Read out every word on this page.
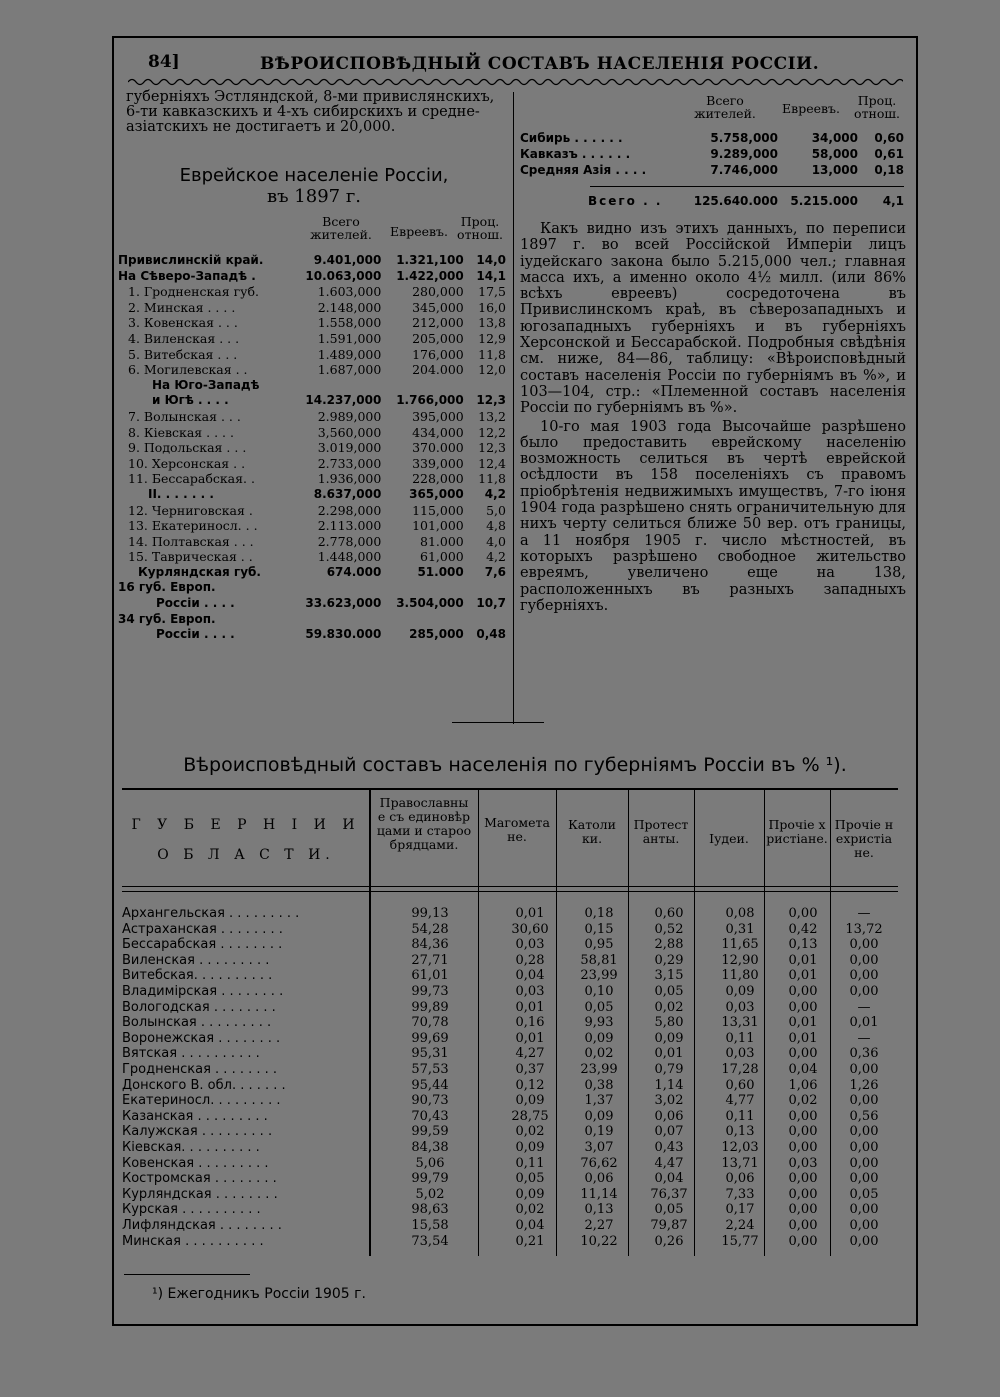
84]	ВѢРОИСПОВѢДНЫЙ СОСТАВЪ НАСЕЛЕНІЯ РОССІИ.

губерніяхъ Эстляндской, 8-ми привислянскихъ, 6-ти кавказскихъ и 4-хъ сибирскихъ и средне-азіатскихъ не достигаетъ и 20,000.

Еврейское населеніе Россіи,
въ 1897 г.
Всего жителей.	Евреевъ.
Проц. отнош.
Привислинскій край.	9.401,000	1.321,100	14,0
На Сѣверо-Западѣ .	10.063,000	1.422,000	14,1
1. Гродненская губ.	1.603,000	280,000	17,5
2. Минская . . . .	2.148,000	345,000	16,0
3. Ковенская . . .	1.558,000	212,000	13,8
4. Виленская . . .	1.591,000	205,000	12,9
5. Витебская . . .	1.489,000	176,000	11,8
6. Могилевская . .	1.687,000	204.000	12,0
На Юго-Западѣ			
и Югѣ . . . .	14.237,000	1.766,000	12,3
7. Волынская . . .	2.989,000	395,000	13,2
8. Кіевская . . . .	3,560,000	434,000	12,2
9. Подольская . . .	3.019,000	370.000	12,3
10. Херсонская . .	2.733,000	339,000	12,4
11. Бессарабская. .	1.936,000	228,000	11,8
II. . . . . . .	8.637,000	365,000	4,2
12. Черниговская .	2.298,000	115,000	5,0
13. Екатериносл. . .	2.113.000	101,000	4,8
14. Полтавская . . .	2.778,000	81.000	4,0
15. Таврическая . .	1.448,000	61,000	4,2
Курляндская губ.	674.000	51.000	7,6
16 губ. Европ.			
Россіи . . . .	33.623,000	3.504,000	10,7
34 губ. Европ.			
Россіи . . . .	59.830.000	285,000	0,48
Всего жителей.	Евреевъ.
Проц. отнош.
Сибирь . . . . . .	5.758,000	34,000	0,60
Кавказъ . . . . . .	9.289,000	58,000	0,61
Средняя Азія . . . .	7.746,000	13,000	0,18
Всего . .	125.640.000	5.215.000	4,1

Какъ видно изъ этихъ данныхъ, по переписи 1897 г. во всей Россійской Имперіи лицъ іудейскаго закона было 5.215,000 чел.; главная масса ихъ, а именно около 4½ милл. (или 86% всѣхъ евреевъ) сосредоточена въ Привислинскомъ краѣ, въ сѣверозападныхъ и югозападныхъ губерніяхъ и въ губерніяхъ Херсонской и Бессарабской. Подробныя свѣдѣнія см. ниже, 84—86, таблицу: «Вѣроисповѣдный составъ населенія Россіи по губерніямъ въ %», и 103—104, стр.: «Племенной составъ населенія Россіи по губерніямъ въ %».

10-го мая 1903 года Высочайше разрѣшено было предоставить еврейскому населенію возможность селиться въ чертѣ еврейской осѣдлости въ 158 поселеніяхъ съ правомъ пріобрѣтенія недвижимыхъ имуществъ, 7-го іюня 1904 года разрѣшено снять ограничительную для нихъ черту селиться ближе 50 вер. отъ границы, а 11 ноября 1905 г. число мѣстностей, въ которыхъ разрѣшено свободное жительство евреямъ, увеличено еще на 138, расположенныхъ въ разныхъ западныхъ губерніяхъ.

Вѣроисповѣдный составъ населенія по губерніямъ Россіи въ % ¹).
Г У Б Е Р Н І И И
О Б Л А С Т И.
Православные съ единовѣрцами и старообрядцами.
Магометане.
Католики.
Протестанты.	Іудеи.
Прочіе христіане.
Прочіе нехристіане.
Архангельская . . . . . . . . .	99,13	0,01	0,18	0,60	0,08	0,00	—
Астраханская . . . . . . . .	54,28	30,60	0,15	0,52	0,31	0,42	13,72
Бессарабская . . . . . . . .	84,36	0,03	0,95	2,88	11,65	0,13	0,00
Виленская . . . . . . . . .	27,71	0,28	58,81	0,29	12,90	0,01	0,00
Витебская. . . . . . . . . .	61,01	0,04	23,99	3,15	11,80	0,01	0,00
Владимірская . . . . . . . .	99,73	0,03	0,10	0,05	0,09	0,00	0,00
Вологодская . . . . . . . .	99,89	0,01	0,05	0,02	0,03	0,00	—
Волынская . . . . . . . . .	70,78	0,16	9,93	5,80	13,31	0,01	0,01
Воронежская . . . . . . . .	99,69	0,01	0,09	0,09	0,11	0,01	—
Вятская . . . . . . . . . .	95,31	4,27	0,02	0,01	0,03	0,00	0,36
Гродненская . . . . . . . .	57,53	0,37	23,99	0,79	17,28	0,04	0,00
Донского В. обл. . . . . . .	95,44	0,12	0,38	1,14	0,60	1,06	1,26
Екатериносл. . . . . . . . .	90,73	0,09	1,37	3,02	4,77	0,02	0,00
Казанская . . . . . . . . .	70,43	28,75	0,09	0,06	0,11	0,00	0,56
Калужская . . . . . . . . .	99,59	0,02	0,19	0,07	0,13	0,00	0,00
Кіевская. . . . . . . . . .	84,38	0,09	3,07	0,43	12,03	0,00	0,00
Ковенская . . . . . . . . .	5,06	0,11	76,62	4,47	13,71	0,03	0,00
Костромская . . . . . . . .	99,79	0,05	0,06	0,04	0,06	0,00	0,00
Курляндская . . . . . . . .	5,02	0,09	11,14	76,37	7,33	0,00	0,05
Курская . . . . . . . . . .	98,63	0,02	0,13	0,05	0,17	0,00	0,00
Лифляндская . . . . . . . .	15,58	0,04	2,27	79,87	2,24	0,00	0,00
Минская . . . . . . . . . .	73,54	0,21	10,22	0,26	15,77	0,00	0,00
¹) Ежегодникъ Россіи 1905 г.
